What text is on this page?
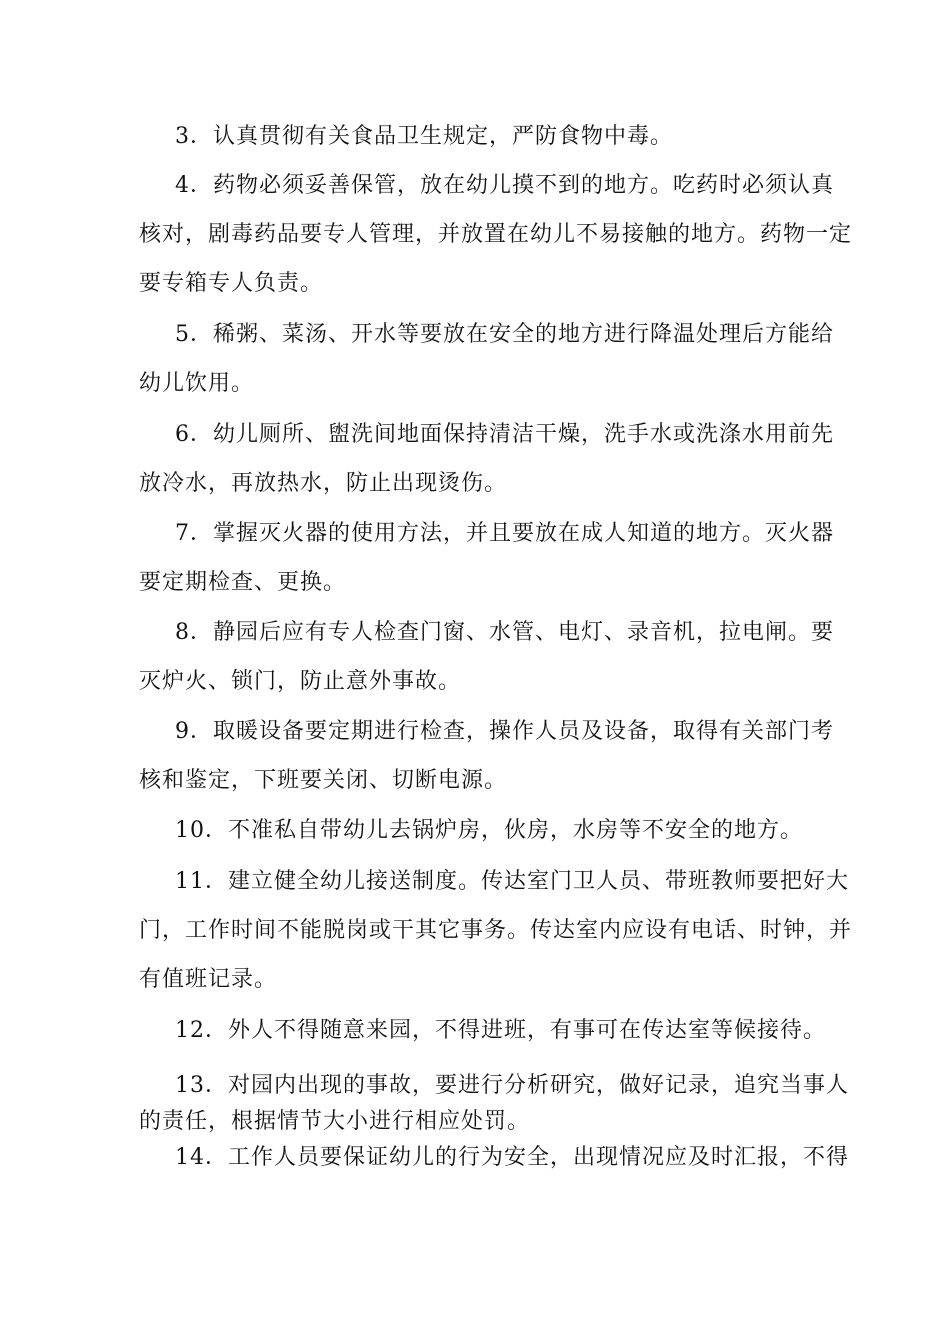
3．认真贯彻有关食品卫生规定，严防食物中毒。

4．药物必须妥善保管，放在幼儿摸不到的地方。吃药时必须认真
核对，剧毒药品要专人管理，并放置在幼儿不易接触的地方。药物一定
要专箱专人负责。

5．稀粥、菜汤、开水等要放在安全的地方进行降温处理后方能给
幼儿饮用。

6．幼儿厕所、盥洗间地面保持清洁干燥，洗手水或洗涤水用前先
放冷水，再放热水，防止出现烫伤。

7．掌握灭火器的使用方法，并且要放在成人知道的地方。灭火器
要定期检查、更换。

8．静园后应有专人检查门窗、水管、电灯、录音机，拉电闸。要
灭炉火、锁门，防止意外事故。

9．取暖设备要定期进行检查，操作人员及设备，取得有关部门考
核和鉴定，下班要关闭、切断电源。

10．不准私自带幼儿去锅炉房，伙房，水房等不安全的地方。

11．建立健全幼儿接送制度。传达室门卫人员、带班教师要把好大
门，工作时间不能脱岗或干其它事务。传达室内应设有电话、时钟，并
有值班记录。

12．外人不得随意来园，不得进班，有事可在传达室等候接待。

13．对园内出现的事故，要进行分析研究，做好记录，追究当事人
的责任，根据情节大小进行相应处罚。

14．工作人员要保证幼儿的行为安全，出现情况应及时汇报，不得
